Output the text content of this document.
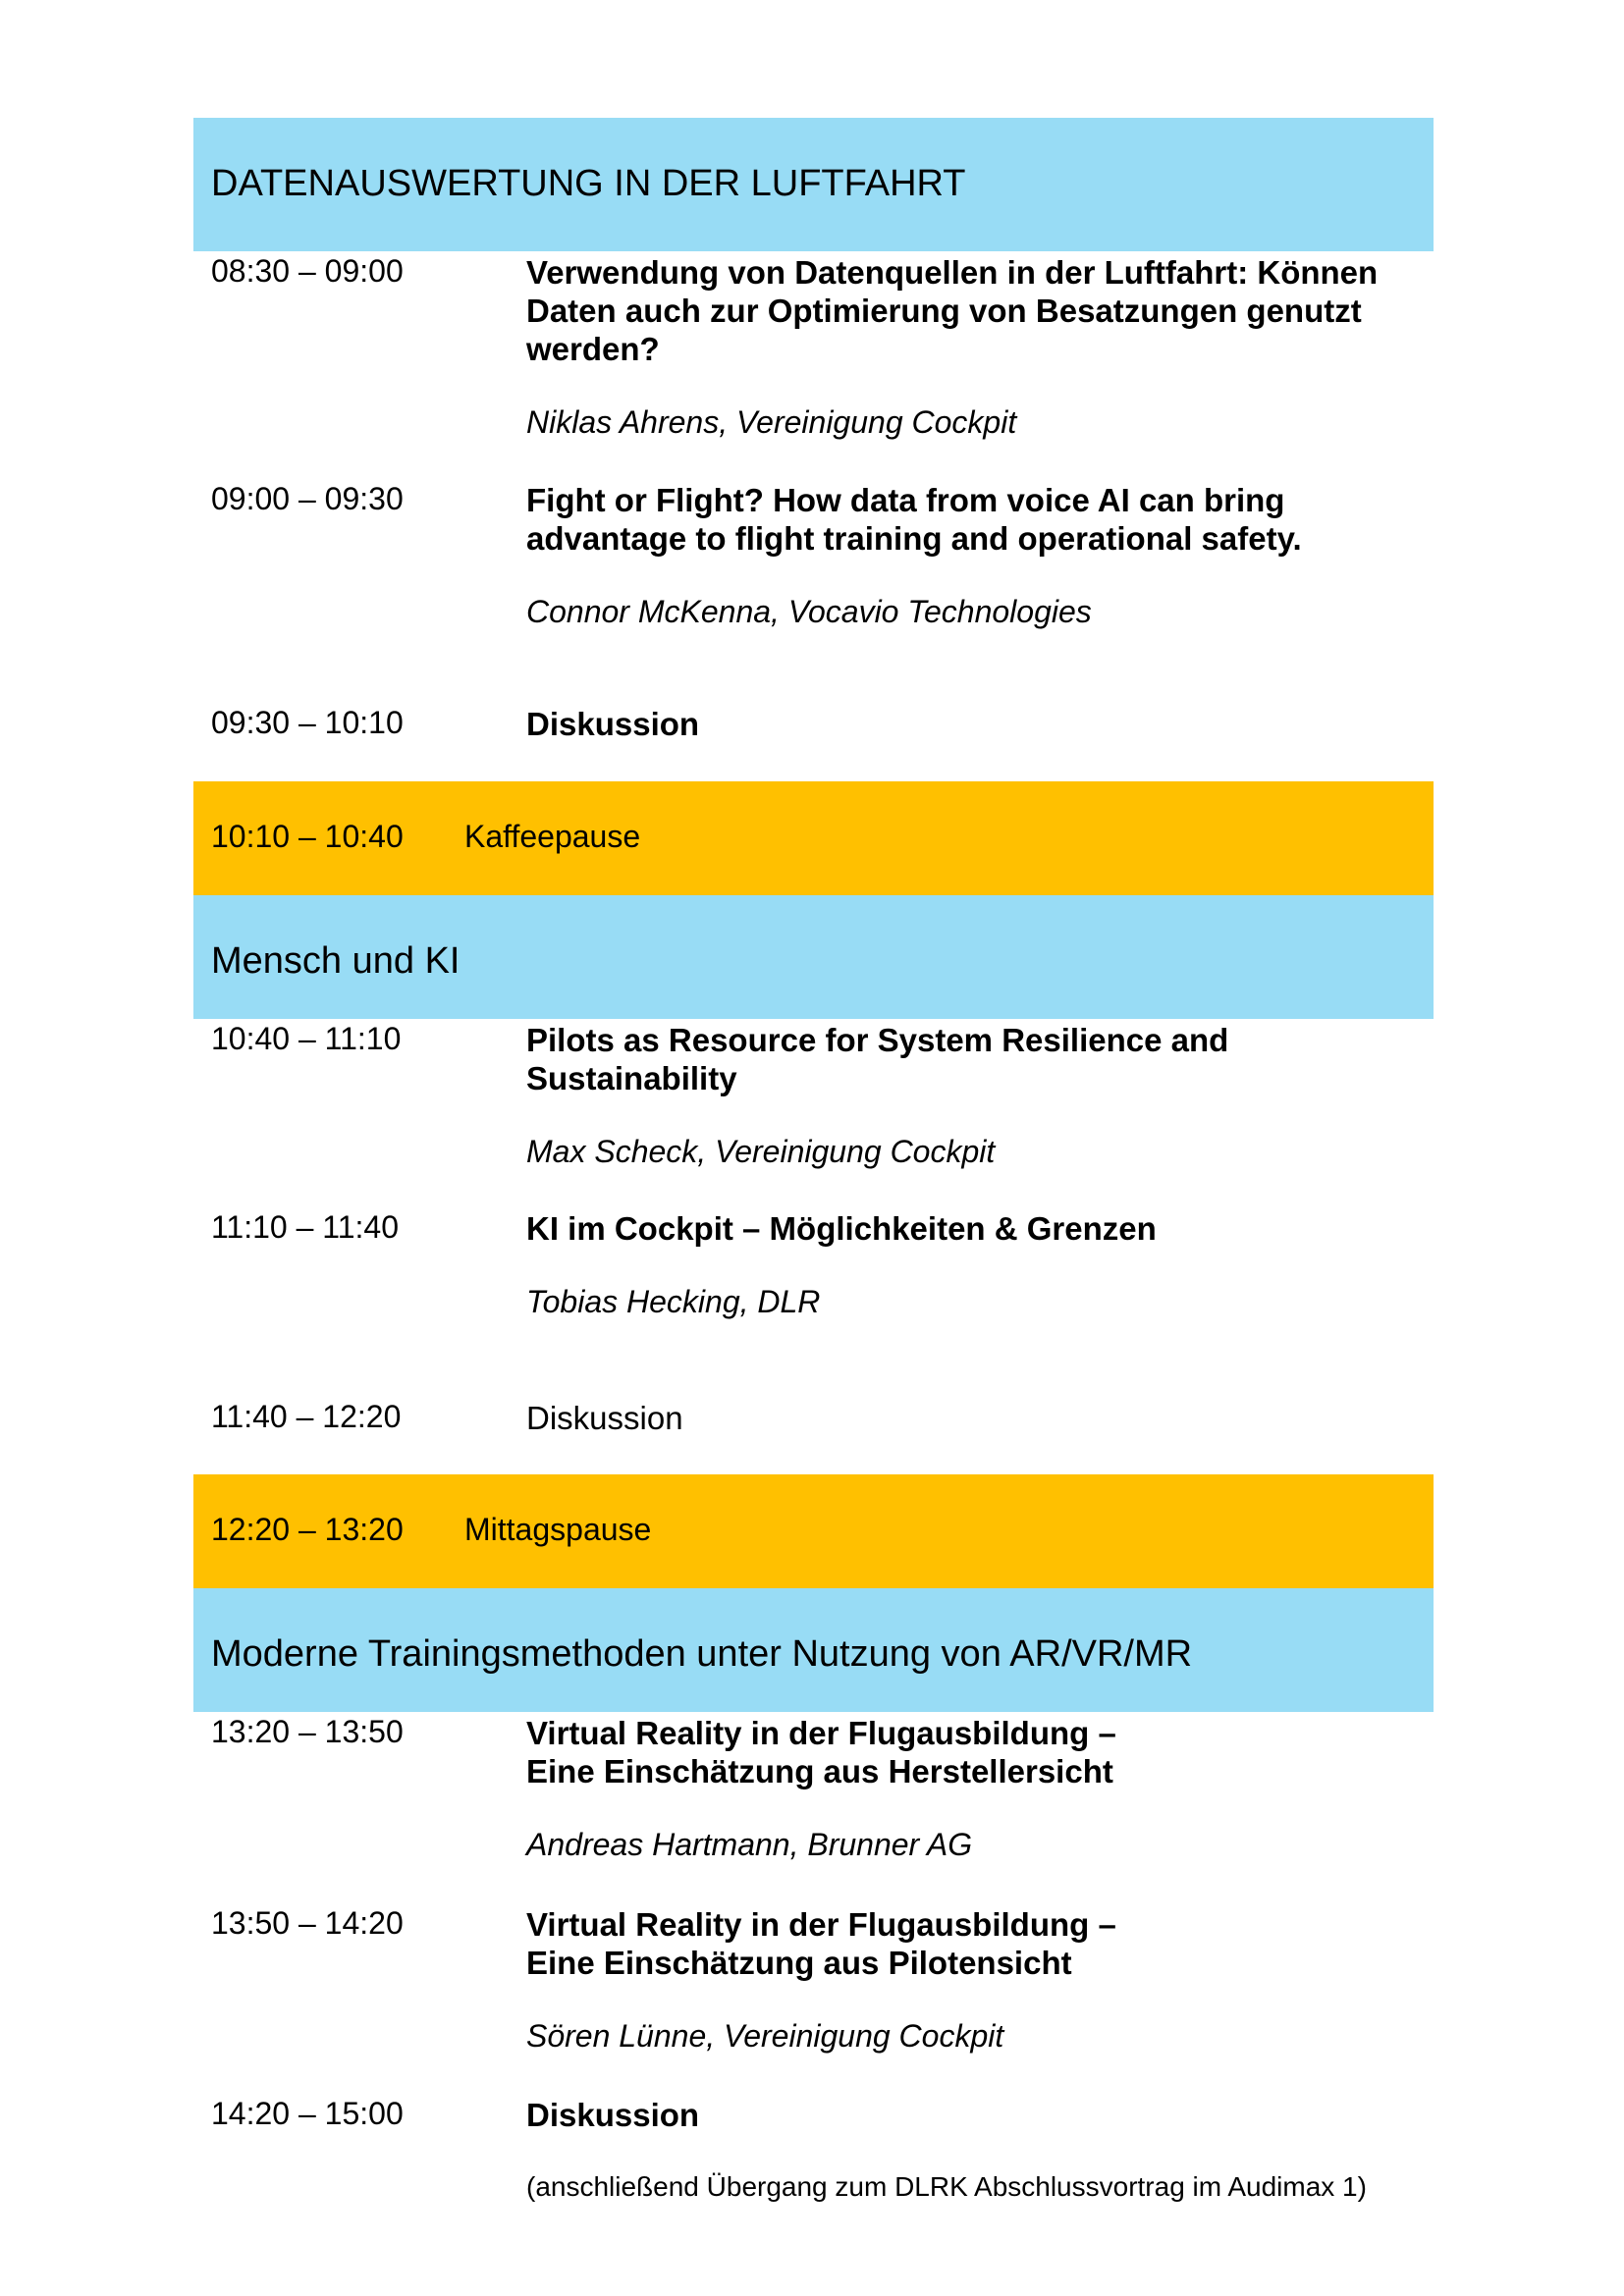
DATENAUSWERTUNG IN DER LUFTFAHRT
08:30 – 09:00	Verwendung von Datenquellen in der Luftfahrt: Können
Daten auch zur Optimierung von Besatzungen genutzt
werden?
Niklas Ahrens, Vereinigung Cockpit
09:00 – 09:30	Fight or Flight? How data from voice AI can bring
advantage to flight training and operational safety.
Connor McKenna, Vocavio Technologies
09:30 – 10:10	Diskussion
10:10 – 10:40 Kaffeepause
Mensch und KI
10:40 – 11:10	Pilots as Resource for System Resilience and
Sustainability
Max Scheck, Vereinigung Cockpit
11:10 – 11:40	KI im Cockpit – Möglichkeiten & Grenzen
Tobias Hecking, DLR
11:40 – 12:20	Diskussion
12:20 – 13:20 Mittagspause
Moderne Trainingsmethoden unter Nutzung von AR/VR/MR
13:20 – 13:50	Virtual Reality in der Flugausbildung –
Eine Einschätzung aus Herstellersicht
Andreas Hartmann, Brunner AG
13:50 – 14:20	Virtual Reality in der Flugausbildung –
Eine Einschätzung aus Pilotensicht
Sören Lünne, Vereinigung Cockpit
14:20 – 15:00	Diskussion
(anschließend Übergang zum DLRK Abschlussvortrag im Audimax 1)
